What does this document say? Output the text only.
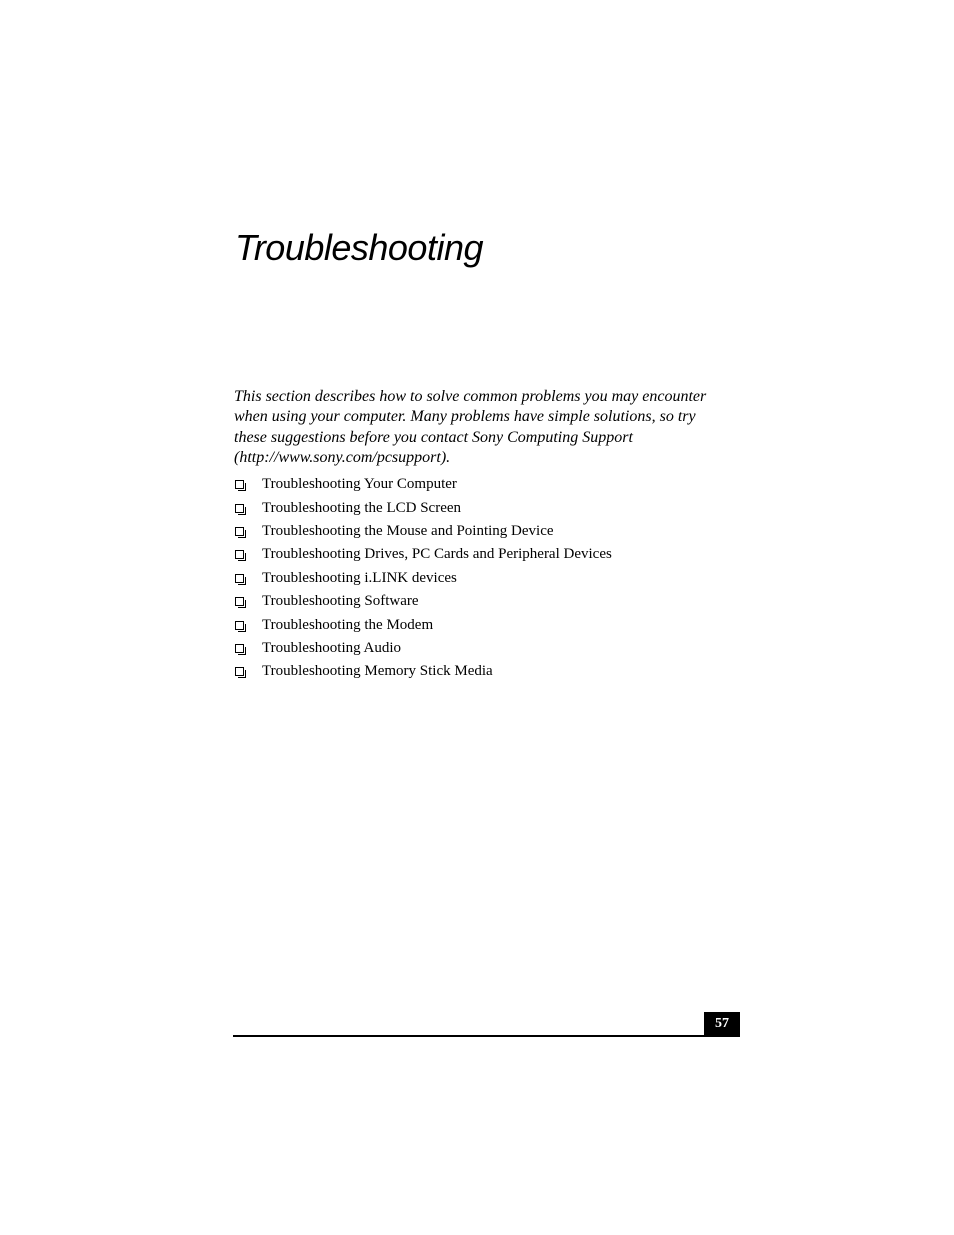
Troubleshooting

This section describes how to solve common problems you may encounter
when using your computer. Many problems have simple solutions, so try
these suggestions before you contact Sony Computing Support
(http://www.sony.com/pcsupport).

Troubleshooting Your Computer
Troubleshooting the LCD Screen
Troubleshooting the Mouse and Pointing Device
Troubleshooting Drives, PC Cards and Peripheral Devices
Troubleshooting i.LINK devices
Troubleshooting Software
Troubleshooting the Modem
Troubleshooting Audio
Troubleshooting Memory Stick Media
57
